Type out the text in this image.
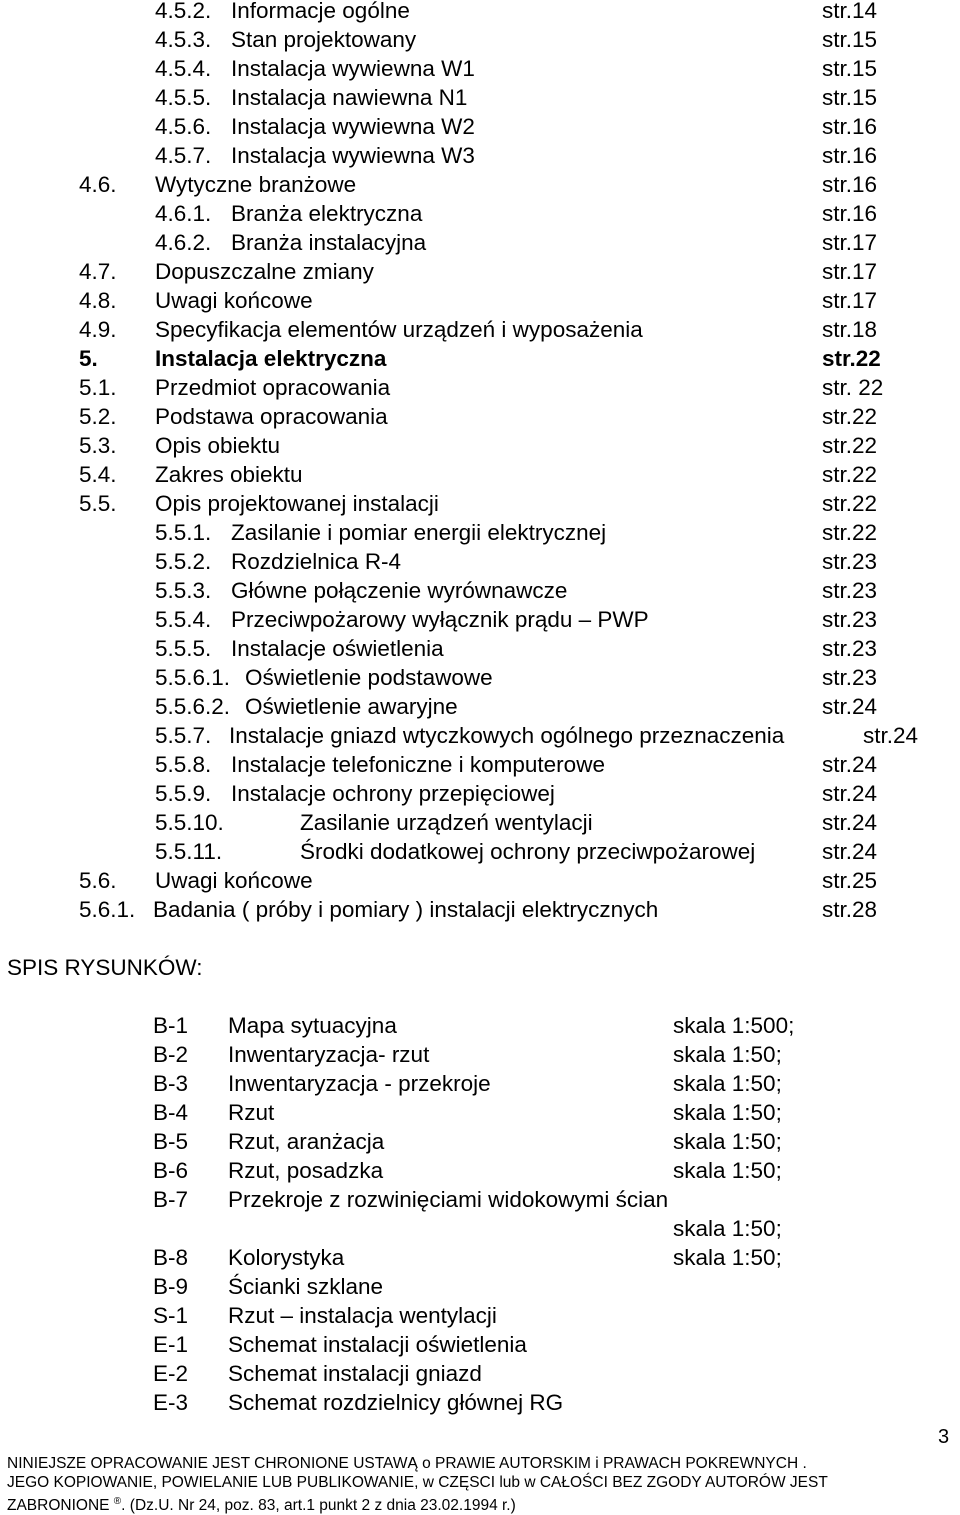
4.5.2. Informacje ogólne	str.14
4.5.3. Stan projektowany	str.15
4.5.4. Instalacja wywiewna W1	str.15
4.5.5. Instalacja nawiewna N1	str.15
4.5.6. Instalacja wywiewna W2	str.16
4.5.7. Instalacja wywiewna W3	str.16
4.6. Wytyczne branżowe	str.16
4.6.1. Branża elektryczna	str.16
4.6.2. Branża instalacyjna	str.17
4.7. Dopuszczalne zmiany	str.17
4.8. Uwagi końcowe	str.17
4.9. Specyfikacja elementów urządzeń i wyposażenia	str.18
5.	Instalacja elektryczna	str.22
5.1. Przedmiot opracowania	str. 22
5.2. Podstawa opracowania	str.22
5.3. Opis obiektu	str.22
5.4. Zakres obiektu	str.22
5.5. Opis projektowanej instalacji	str.22
5.5.1. Zasilanie i pomiar energii elektrycznej	str.22
5.5.2. Rozdzielnica R-4	str.23
5.5.3. Główne połączenie wyrównawcze	str.23
5.5.4. Przeciwpożarowy wyłącznik prądu – PWP	str.23
5.5.5. Instalacje oświetlenia	str.23
5.5.6.1. Oświetlenie podstawowe	str.23
5.5.6.2. Oświetlenie awaryjne	str.24
5.5.7. Instalacje gniazd wtyczkowych ogólnego przeznaczenia	str.24
5.5.8. Instalacje telefoniczne i komputerowe	str.24
5.5.9. Instalacje ochrony przepięciowej	str.24
5.5.10.	Zasilanie urządzeń wentylacji	str.24
5.5.11.	Środki dodatkowej ochrony przeciwpożarowej	str.24
5.6. Uwagi końcowe	str.25
5.6.1. Badania ( próby i pomiary ) instalacji elektrycznych	str.28
SPIS RYSUNKÓW:
B-1 Mapa sytuacyjna	skala 1:500;
B-2 Inwentaryzacja- rzut	skala 1:50;
B-3 Inwentaryzacja - przekroje	skala 1:50;
B-4 Rzut	skala 1:50;
B-5 Rzut, aranżacja	skala 1:50;
B-6 Rzut, posadzka	skala 1:50;
B-7 Przekroje z rozwinięciami widokowymi ścian
skala 1:50;
B-8 Kolorystyka	skala 1:50;
B-9 Ścianki szklane
S-1 Rzut – instalacja wentylacji
E-1 Schemat instalacji oświetlenia
E-2 Schemat instalacji gniazd
E-3 Schemat rozdzielnicy głównej RG
3
NINIEJSZE OPRACOWANIE JEST CHRONIONE USTAWĄ o PRAWIE AUTORSKIM i PRAWACH POKREWNYCH .
JEGO KOPIOWANIE, POWIELANIE LUB PUBLIKOWANIE, w CZĘSCI lub w CAŁOŚCI BEZ ZGODY AUTORÓW JEST
ZABRONIONE ®. (Dz.U. Nr 24, poz. 83, art.1 punkt 2 z dnia 23.02.1994 r.)
